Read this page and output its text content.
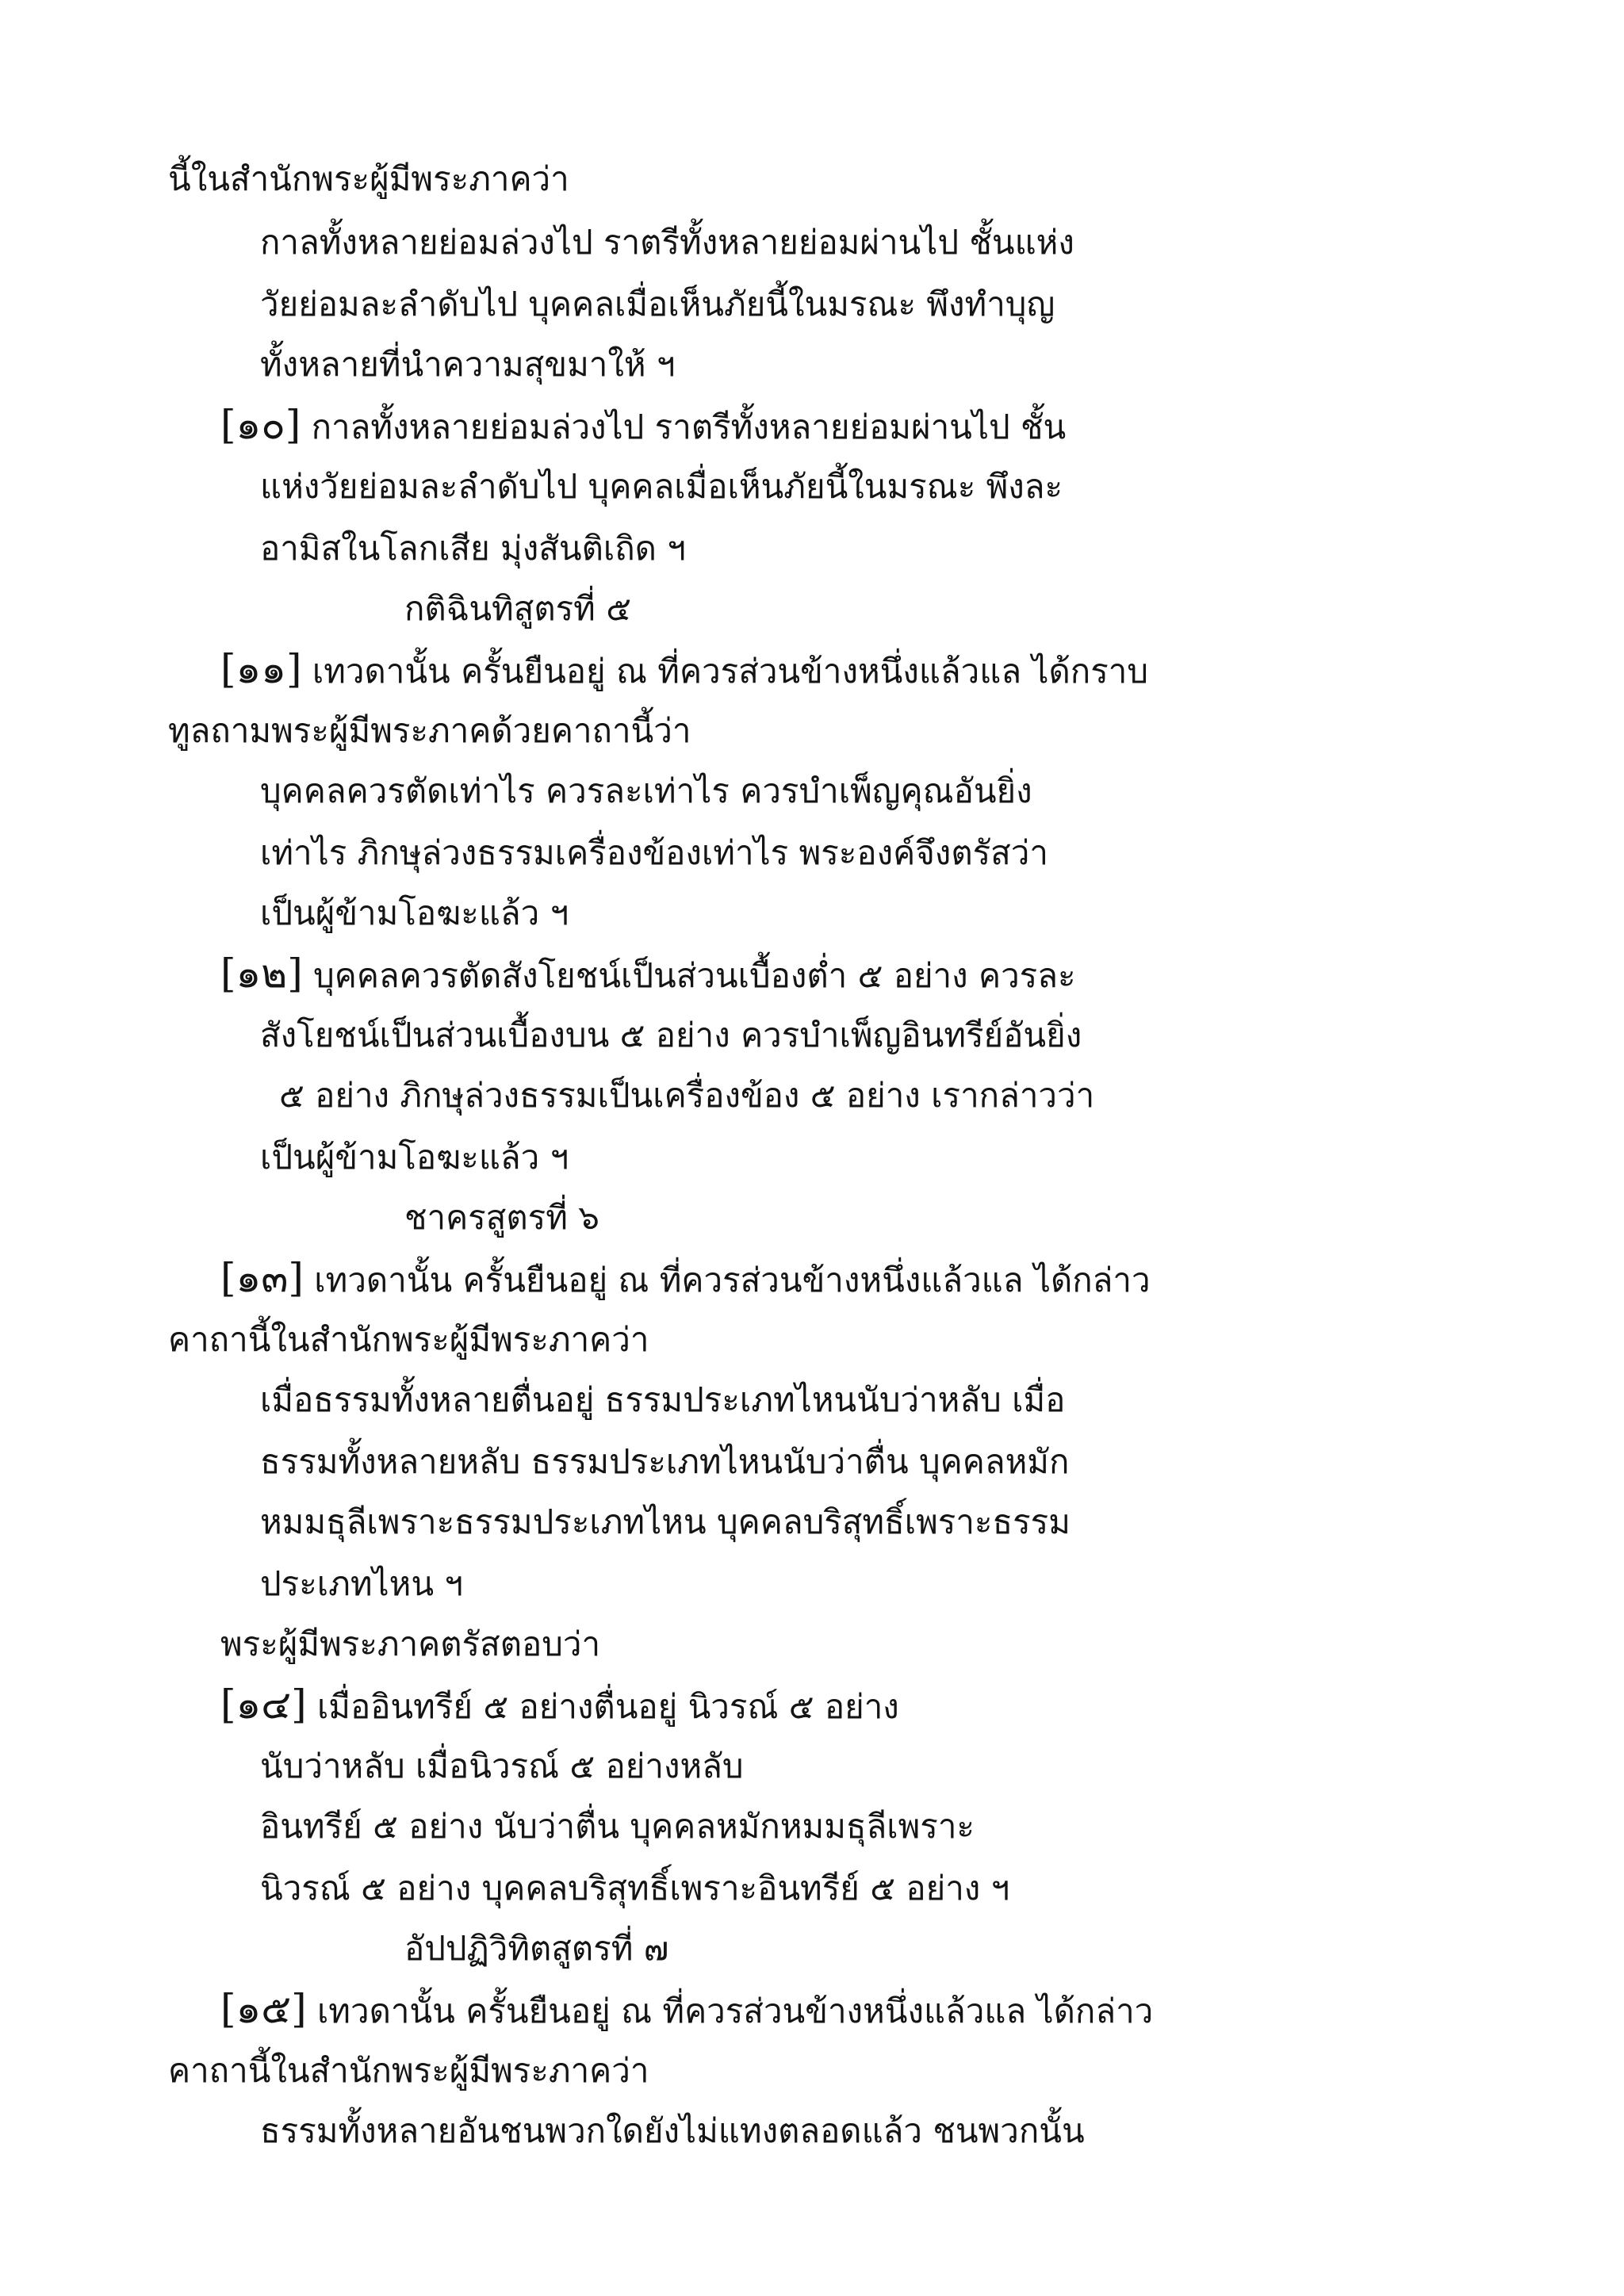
นี้ในสำนักพระผู้มีพระภาคว่า

กาลทั้งหลายย่อมล่วงไป ราตรีทั้งหลายย่อมผ่านไป ชั้นแห่ง

วัยย่อมละลำดับไป บุคคลเมื่อเห็นภัยนี้ในมรณะ พึงทำบุญ

ทั้งหลายที่นำความสุขมาให้ ฯ

[๑๐] กาลทั้งหลายย่อมล่วงไป ราตรีทั้งหลายย่อมผ่านไป ชั้น

แห่งวัยย่อมละลำดับไป บุคคลเมื่อเห็นภัยนี้ในมรณะ พึงละ

อามิสในโลกเสีย มุ่งสันติเถิด ฯ

กติฉินทิสูตรที่ ๕

[๑๑] เทวดานั้น ครั้นยืนอยู่ ณ ที่ควรส่วนข้างหนึ่งแล้วแล ได้กราบ

ทูลถามพระผู้มีพระภาคด้วยคาถานี้ว่า

บุคคลควรตัดเท่าไร ควรละเท่าไร ควรบำเพ็ญคุณอันยิ่ง

เท่าไร ภิกษุล่วงธรรมเครื่องข้องเท่าไร พระองค์จึงตรัสว่า

เป็นผู้ข้ามโอฆะแล้ว ฯ

[๑๒] บุคคลควรตัดสังโยชน์เป็นส่วนเบื้องต่ำ ๕ อย่าง ควรละ

สังโยชน์เป็นส่วนเบื้องบน ๕ อย่าง ควรบำเพ็ญอินทรีย์อันยิ่ง

๕ อย่าง ภิกษุล่วงธรรมเป็นเครื่องข้อง ๕ อย่าง เรากล่าวว่า

เป็นผู้ข้ามโอฆะแล้ว ฯ

ชาครสูตรที่ ๖

[๑๓] เทวดานั้น ครั้นยืนอยู่ ณ ที่ควรส่วนข้างหนึ่งแล้วแล ได้กล่าว

คาถานี้ในสำนักพระผู้มีพระภาคว่า

เมื่อธรรมทั้งหลายตื่นอยู่ ธรรมประเภทไหนนับว่าหลับ เมื่อ

ธรรมทั้งหลายหลับ ธรรมประเภทไหนนับว่าตื่น บุคคลหมัก

หมมธุลีเพราะธรรมประเภทไหน บุคคลบริสุทธิ์เพราะธรรม

ประเภทไหน ฯ

พระผู้มีพระภาคตรัสตอบว่า

[๑๔] เมื่ออินทรีย์ ๕ อย่างตื่นอยู่ นิวรณ์ ๕ อย่าง

นับว่าหลับ เมื่อนิวรณ์ ๕ อย่างหลับ

อินทรีย์ ๕ อย่าง นับว่าตื่น บุคคลหมักหมมธุลีเพราะ

นิวรณ์ ๕ อย่าง บุคคลบริสุทธิ์เพราะอินทรีย์ ๕ อย่าง ฯ

อัปปฏิวิทิตสูตรที่ ๗

[๑๕] เทวดานั้น ครั้นยืนอยู่ ณ ที่ควรส่วนข้างหนึ่งแล้วแล ได้กล่าว

คาถานี้ในสำนักพระผู้มีพระภาคว่า

ธรรมทั้งหลายอันชนพวกใดยังไม่แทงตลอดแล้ว ชนพวกนั้น
